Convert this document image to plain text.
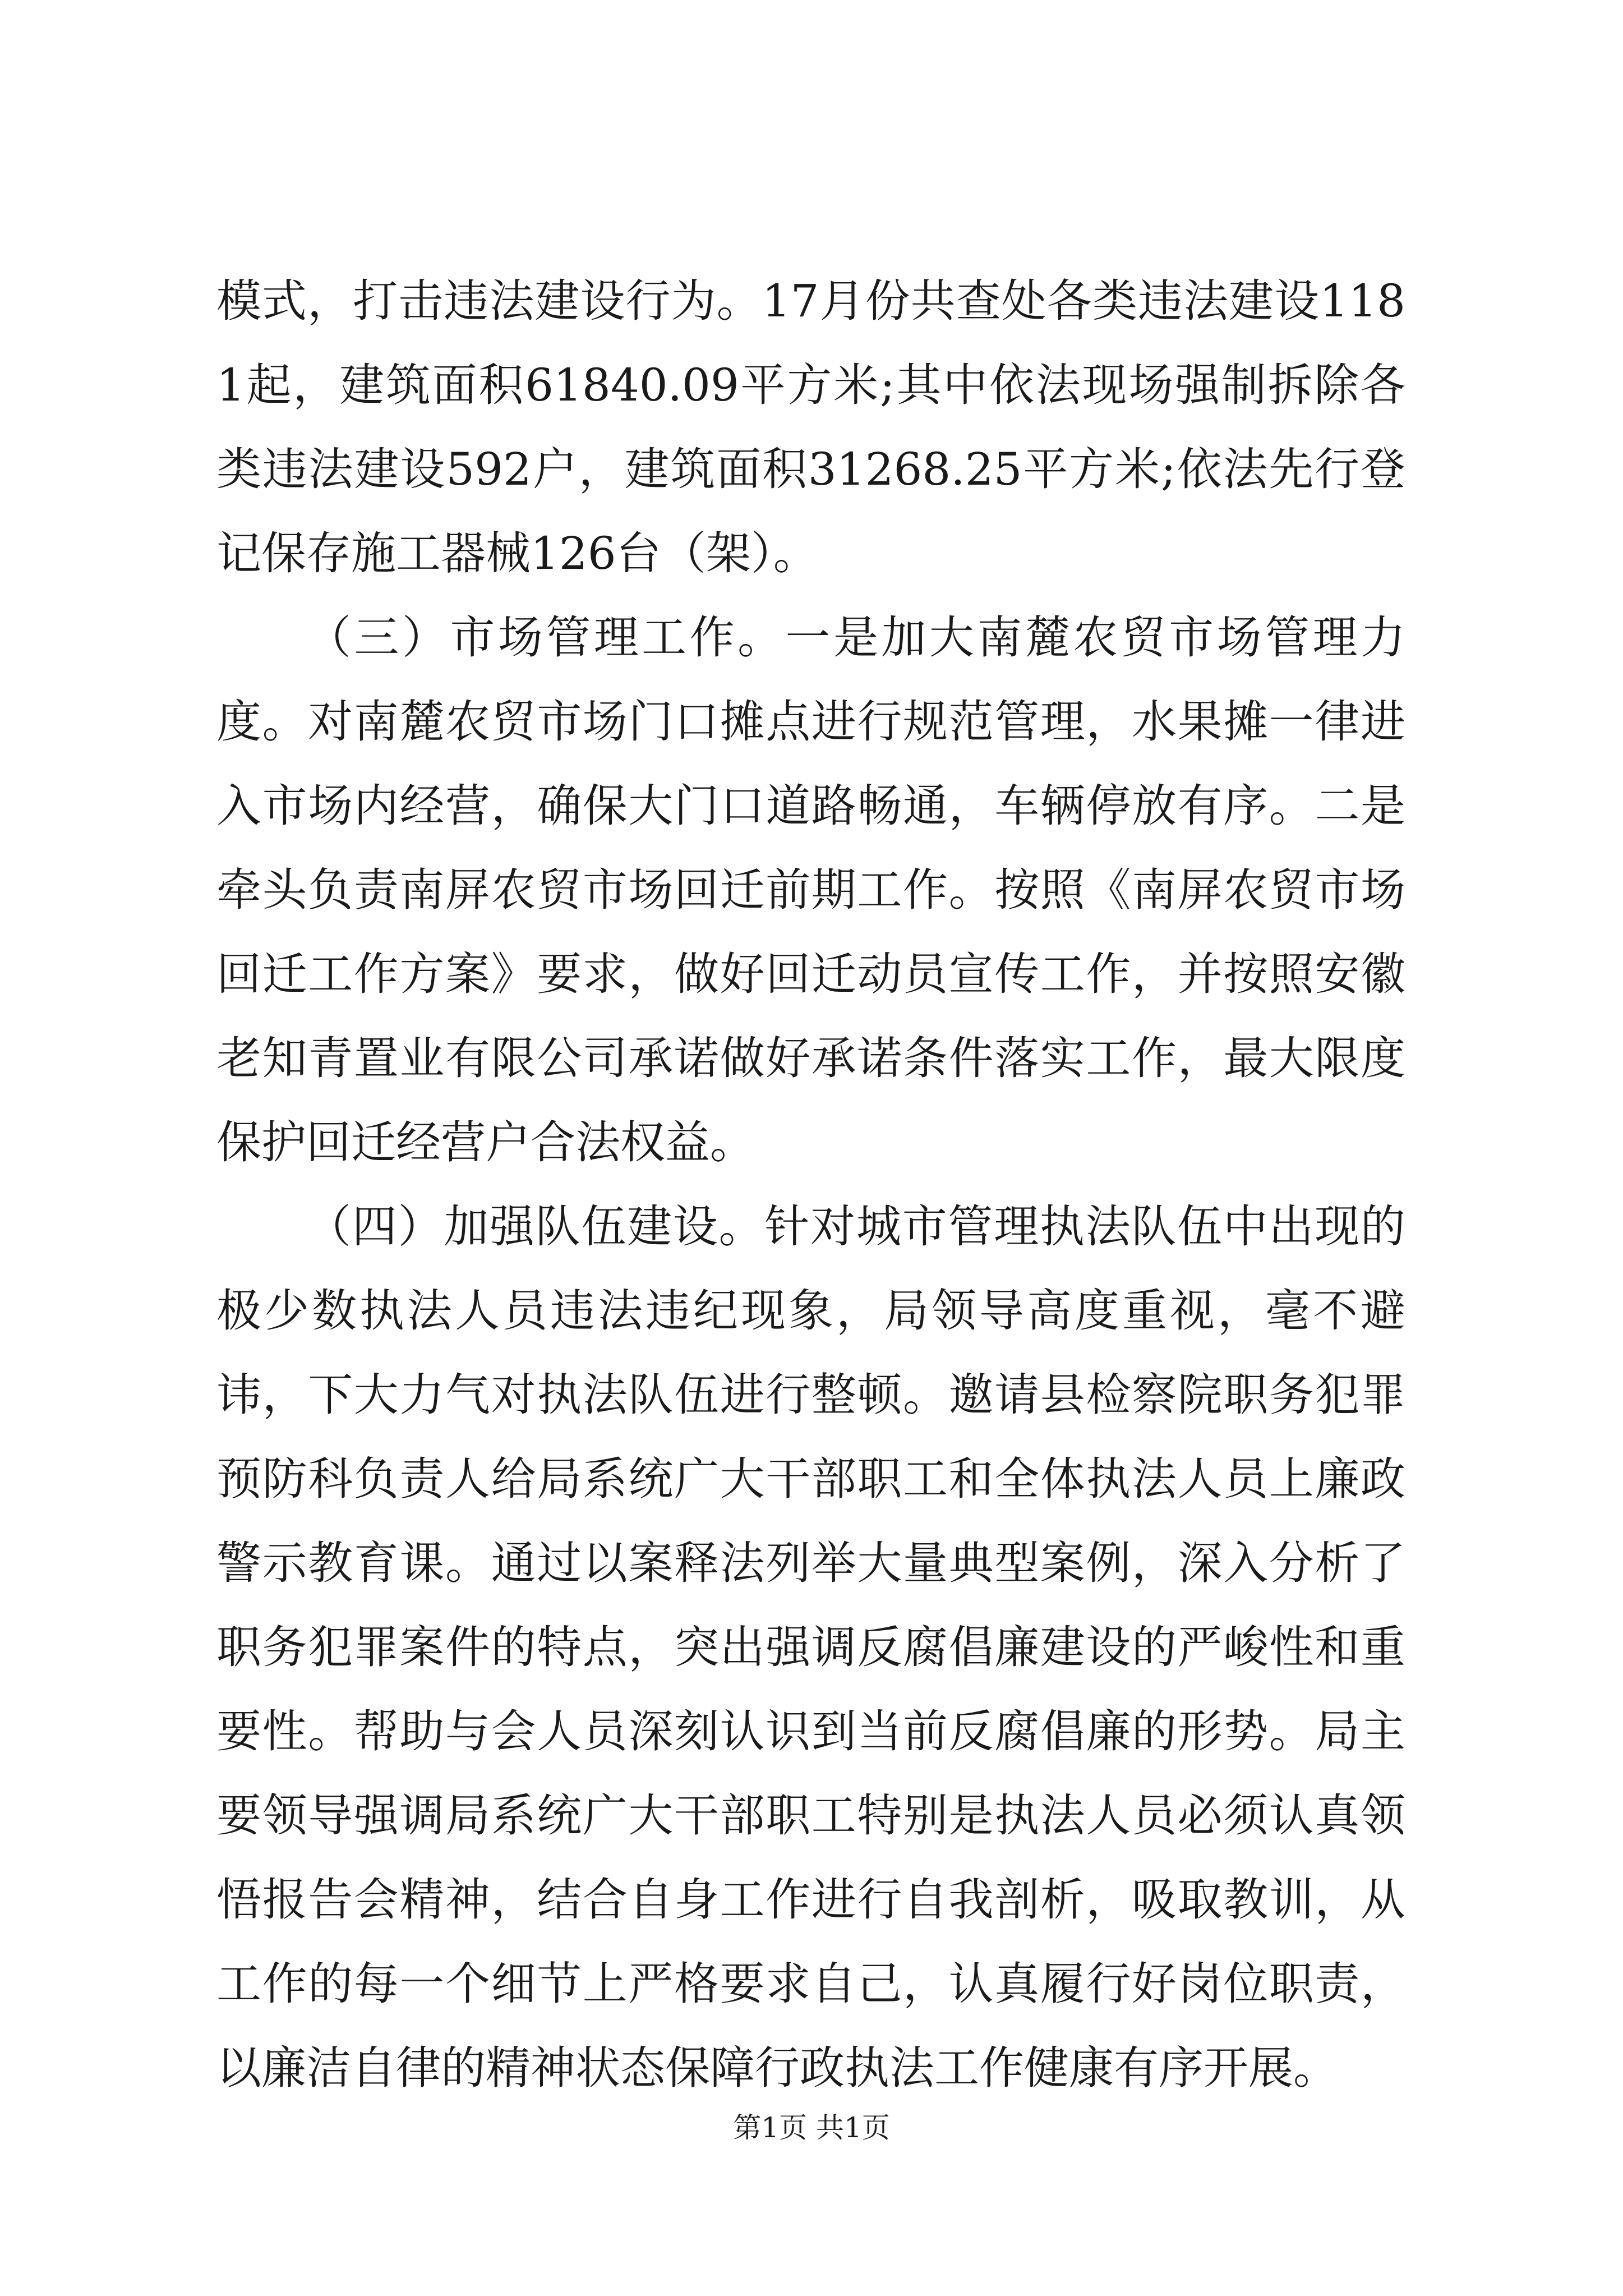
模式，打击违法建设行为。17月份共查处各类违法建设1181起，建筑面积61840.09平方米;其中依法现场强制拆除各类违法建设592户，建筑面积31268.25平方米;依法先行登记保存施工器械126台（架）。

（三）市场管理工作。一是加大南麓农贸市场管理力度。对南麓农贸市场门口摊点进行规范管理，水果摊一律进入市场内经营，确保大门口道路畅通，车辆停放有序。二是牵头负责南屏农贸市场回迁前期工作。按照《南屏农贸市场回迁工作方案》要求，做好回迁动员宣传工作，并按照安徽老知青置业有限公司承诺做好承诺条件落实工作，最大限度保护回迁经营户合法权益。

（四）加强队伍建设。针对城市管理执法队伍中出现的极少数执法人员违法违纪现象，局领导高度重视，毫不避讳，下大力气对执法队伍进行整顿。邀请县检察院职务犯罪预防科负责人给局系统广大干部职工和全体执法人员上廉政警示教育课。通过以案释法列举大量典型案例，深入分析了职务犯罪案件的特点，突出强调反腐倡廉建设的严峻性和重要性。帮助与会人员深刻认识到当前反腐倡廉的形势。局主要领导强调局系统广大干部职工特别是执法人员必须认真领悟报告会精神，结合自身工作进行自我剖析，吸取教训，从工作的每一个细节上严格要求自己，认真履行好岗位职责，以廉洁自律的精神状态保障行政执法工作健康有序开展。

第1页 共1页
